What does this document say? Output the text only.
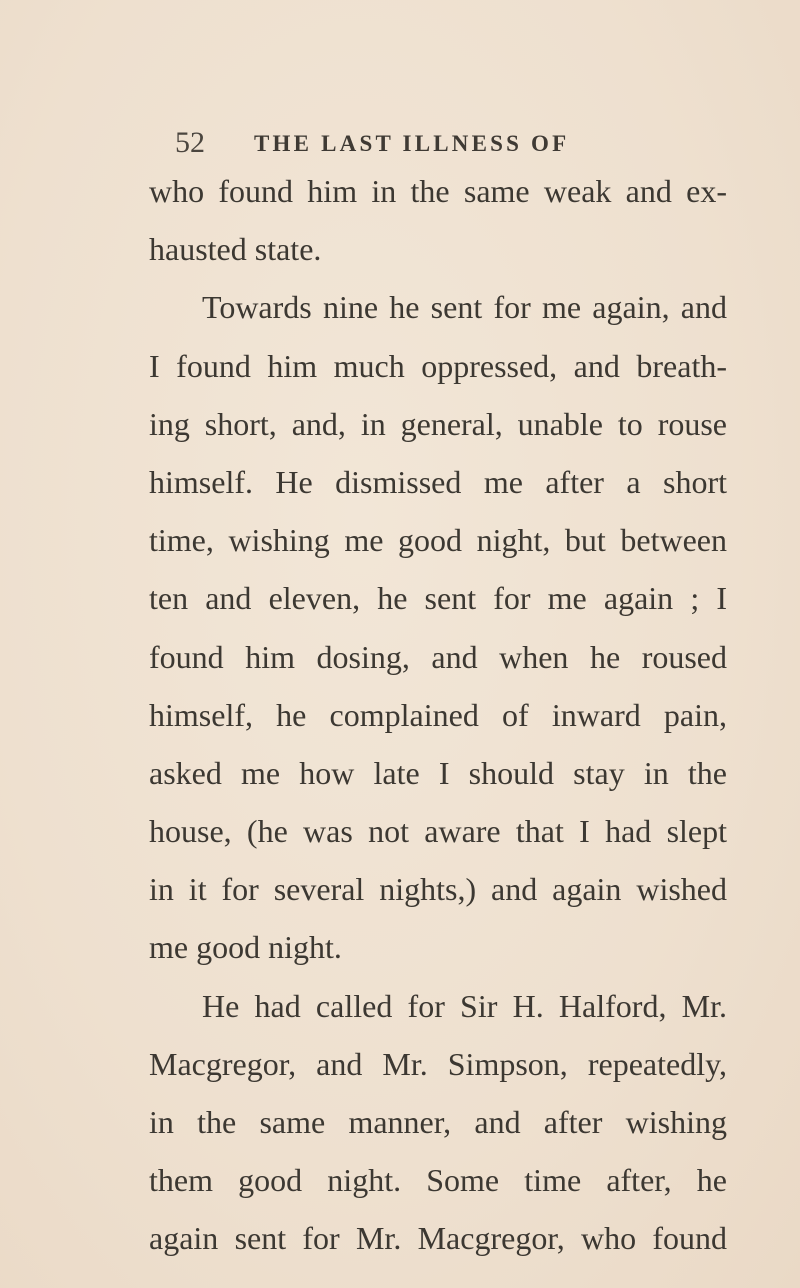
52 THE LAST ILLNESS OF
who found him in the same weak and ex-
hausted state.
Towards nine he sent for me again, and
I found him much oppressed, and breath-
ing short, and, in general, unable to rouse
himself. He dismissed me after a short
time, wishing me good night, but between
ten and eleven, he sent for me again ; I
found him dosing, and when he roused
himself, he complained of inward pain,
asked me how late I should stay in the
house, (he was not aware that I had slept
in it for several nights,) and again wished
me good night.
He had called for Sir H. Halford, Mr.
Macgregor, and Mr. Simpson, repeatedly,
in the same manner, and after wishing
them good night. Some time after, he
again sent for Mr. Macgregor, who found
